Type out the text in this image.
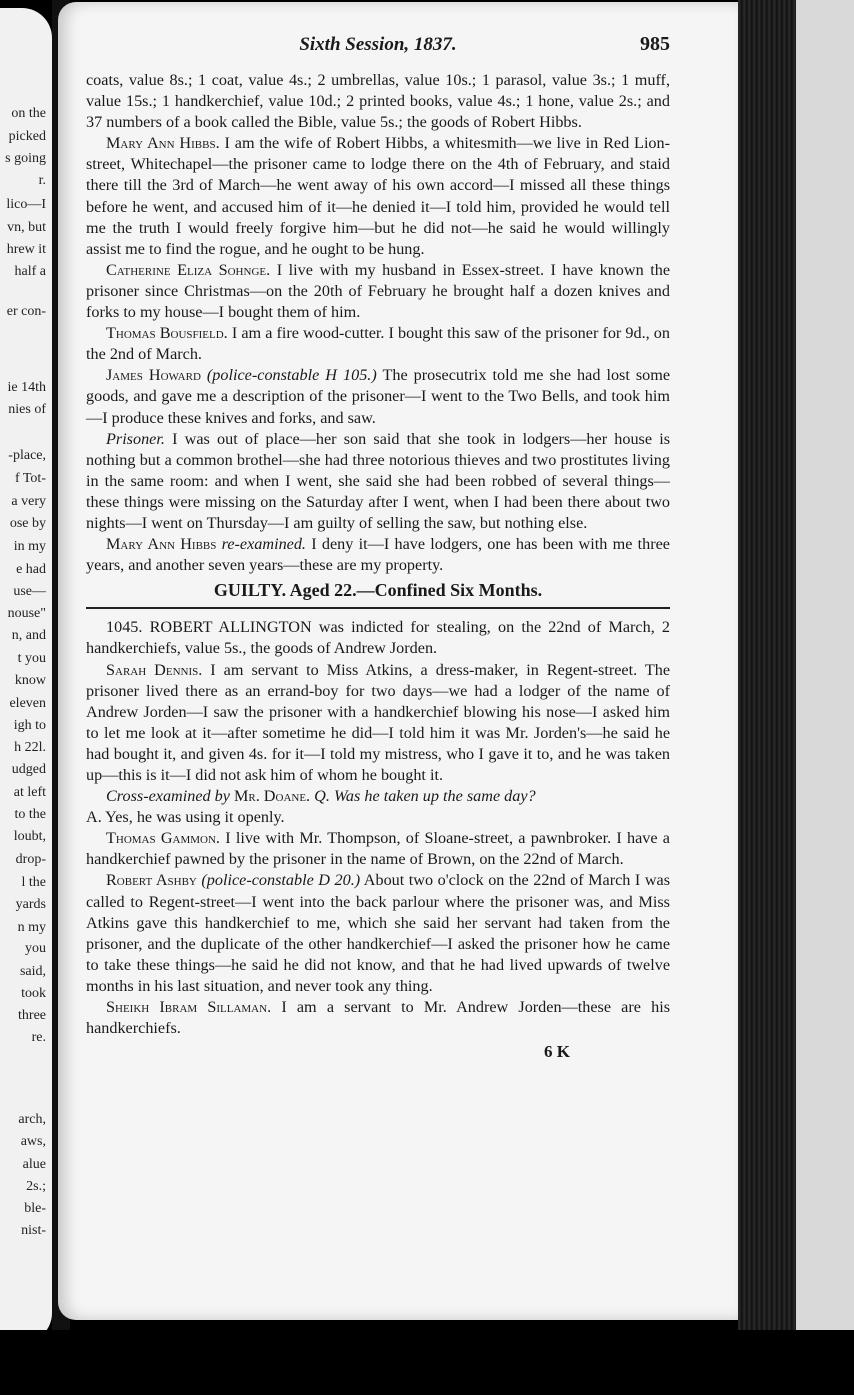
on the
picked
s going
r.
lico—I
vn, but
hrew it
half a
er con-
ie 14th
nies of
-place,
f Tot-
a very
ose by
in my
e had
use—
nouse"
n, and
t you
know
eleven
igh to
h 22l.
udged
at left
to the
loubt,
drop-
l the
yards
n my
you
said,
took
three
re.
arch,
aws,
alue
2s.;
ble-
nist-
Sixth Session, 1837.	985

coats, value 8s.; 1 coat, value 4s.; 2 umbrellas, value 10s.; 1 parasol, value 3s.; 1 muff, value 15s.; 1 handkerchief, value 10d.; 2 printed books, value 4s.; 1 hone, value 2s.; and 37 numbers of a book called the Bible, value 5s.; the goods of Robert Hibbs.

Mary Ann Hibbs. I am the wife of Robert Hibbs, a whitesmith—we live in Red Lion-street, Whitechapel—the prisoner came to lodge there on the 4th of February, and staid there till the 3rd of March—he went away of his own accord—I missed all these things before he went, and accused him of it—he denied it—I told him, provided he would tell me the truth I would freely forgive him—but he did not—he said he would willingly assist me to find the rogue, and he ought to be hung.

Catherine Eliza Sohnge. I live with my husband in Essex-street. I have known the prisoner since Christmas—on the 20th of February he brought half a dozen knives and forks to my house—I bought them of him.

Thomas Bousfield. I am a fire wood-cutter. I bought this saw of the prisoner for 9d., on the 2nd of March.

James Howard (police-constable H 105.) The prosecutrix told me she had lost some goods, and gave me a description of the prisoner—I went to the Two Bells, and took him—I produce these knives and forks, and saw.

Prisoner. I was out of place—her son said that she took in lodgers—her house is nothing but a common brothel—she had three notorious thieves and two prostitutes living in the same room: and when I went, she said she had been robbed of several things—these things were missing on the Saturday after I went, when I had been there about two nights—I went on Thursday—I am guilty of selling the saw, but nothing else.

Mary Ann Hibbs re-examined. I deny it—I have lodgers, one has been with me three years, and another seven years—these are my property.

GUILTY. Aged 22.—Confined Six Months.

1045. ROBERT ALLINGTON was indicted for stealing, on the 22nd of March, 2 handkerchiefs, value 5s., the goods of Andrew Jorden.

Sarah Dennis. I am servant to Miss Atkins, a dress-maker, in Regent-street. The prisoner lived there as an errand-boy for two days—we had a lodger of the name of Andrew Jorden—I saw the prisoner with a handkerchief blowing his nose—I asked him to let me look at it—after sometime he did—I told him it was Mr. Jorden's—he said he had bought it, and given 4s. for it—I told my mistress, who I gave it to, and he was taken up—this is it—I did not ask him of whom he bought it.

Cross-examined by Mr. Doane. Q. Was he taken up the same day?
A. Yes, he was using it openly.

Thomas Gammon. I live with Mr. Thompson, of Sloane-street, a pawnbroker. I have a handkerchief pawned by the prisoner in the name of Brown, on the 22nd of March.

Robert Ashby (police-constable D 20.) About two o'clock on the 22nd of March I was called to Regent-street—I went into the back parlour where the prisoner was, and Miss Atkins gave this handkerchief to me, which she said her servant had taken from the prisoner, and the duplicate of the other handkerchief—I asked the prisoner how he came to take these things—he said he did not know, and that he had lived upwards of twelve months in his last situation, and never took any thing.

Sheikh Ibram Sillaman. I am a servant to Mr. Andrew Jorden—these are his handkerchiefs.

6 K
